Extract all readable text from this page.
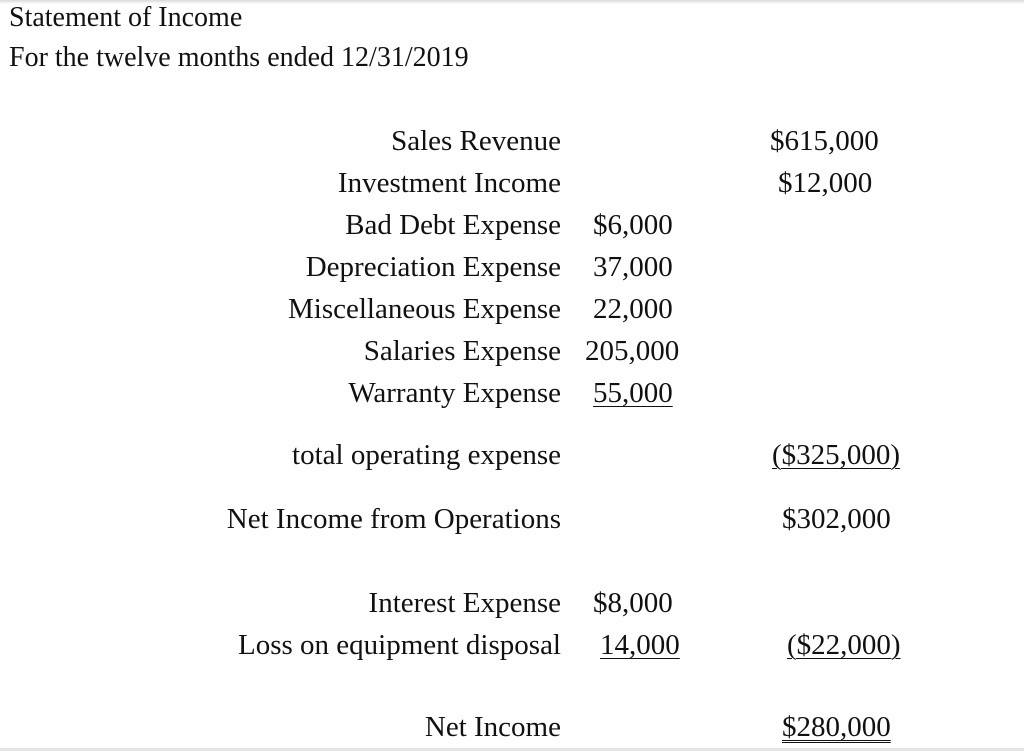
Statement of Income
For the twelve months ended 12/31/2019
Sales Revenue	$615,000
Investment Income	$12,000
Bad Debt Expense $6,000
Depreciation Expense 37,000
Miscellaneous Expense 22,000
Salaries Expense 205,000
Warranty Expense 55,000
total operating expense	($325,000)
Net Income from Operations	$302,000
Interest Expense $8,000
Loss on equipment disposal 14,000	($22,000)
Net Income	$280,000
